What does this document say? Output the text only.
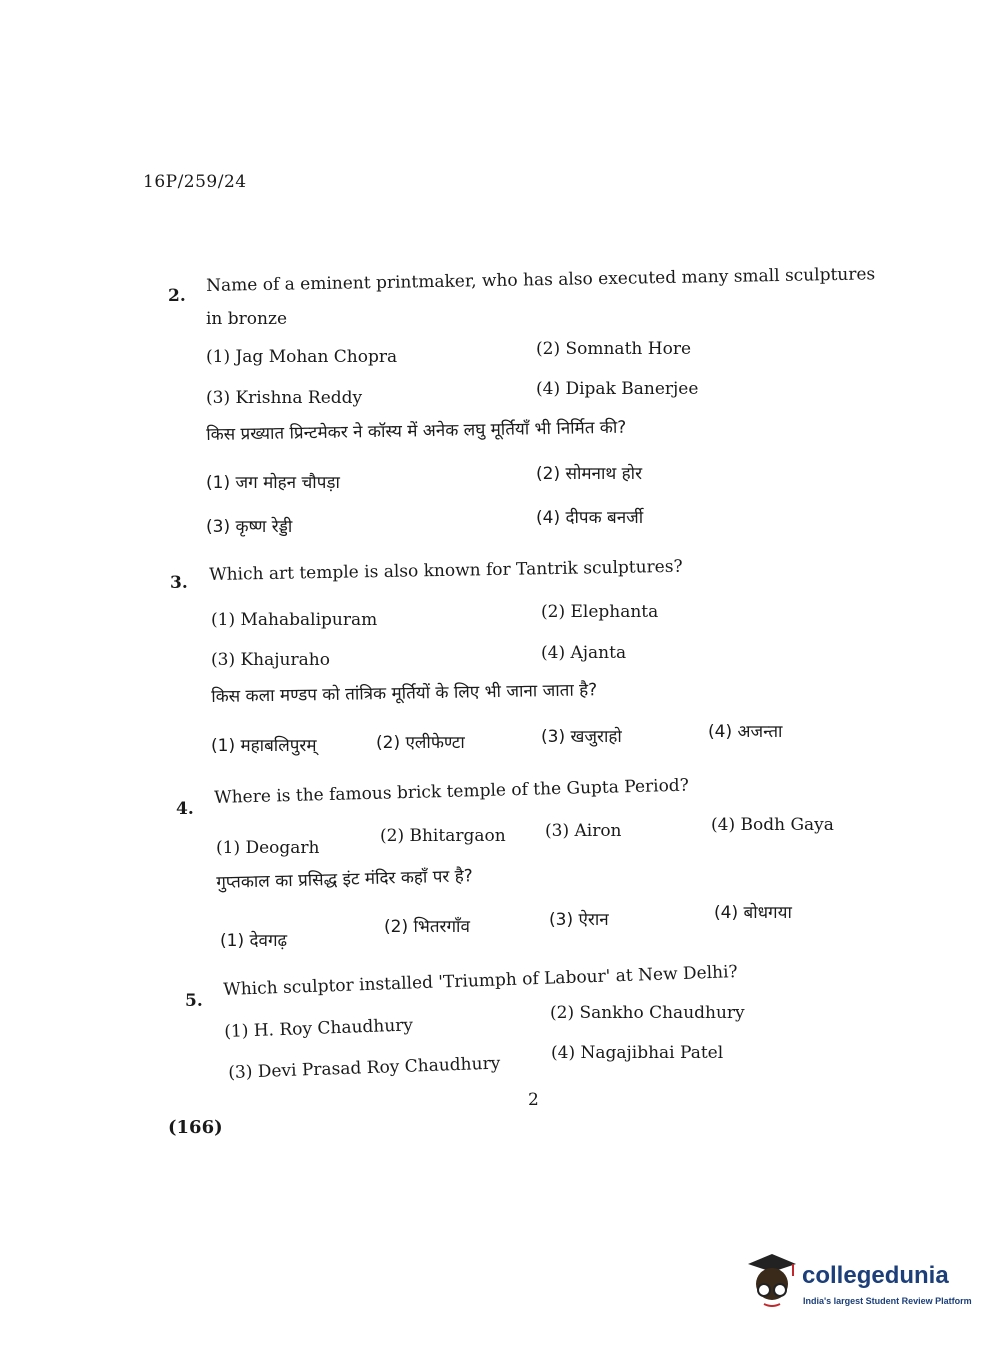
16P/259/24
2.
Name of a eminent printmaker, who has also executed many small sculptures
in bronze
(1) Jag Mohan Chopra	(2) Somnath Hore
(3) Krishna Reddy	(4) Dipak Banerjee
किस प्रख्यात प्रिन्टमेकर ने कॉस्य में अनेक लघु मूर्तियाँ भी निर्मित की?
(1) जग मोहन चौपड़ा	(2) सोमनाथ होर
(3) कृष्ण रेड्डी	(4) दीपक बनर्जी
3. Which art temple is also known for Tantrik sculptures?
(1) Mahabalipuram	(2) Elephanta
(3) Khajuraho	(4) Ajanta
किस कला मण्डप को तांत्रिक मूर्तियों के लिए भी जाना जाता है?
(1) महाबलिपुरम्	(2) एलीफेण्टा	(3) खजुराहो	(4) अजन्ता
4.
Where is the famous brick temple of the Gupta Period?
(1) Deogarh
(2) Bhitargaon (3) Airon	(4) Bodh Gaya
गुप्तकाल का प्रसिद्ध इंट मंदिर कहाँ पर है?
(1) देवगढ़
(2) भितरगाँव	(3) ऐरान	(4) बोधगया
5.
Which sculptor installed 'Triumph of Labour' at New Delhi?
(1) H. Roy Chaudhury
(2) Sankho Chaudhury
(3) Devi Prasad Roy Chaudhury
(4) Nagajibhai Patel
2
(166)
collegedunia
India's largest Student Review Platform
